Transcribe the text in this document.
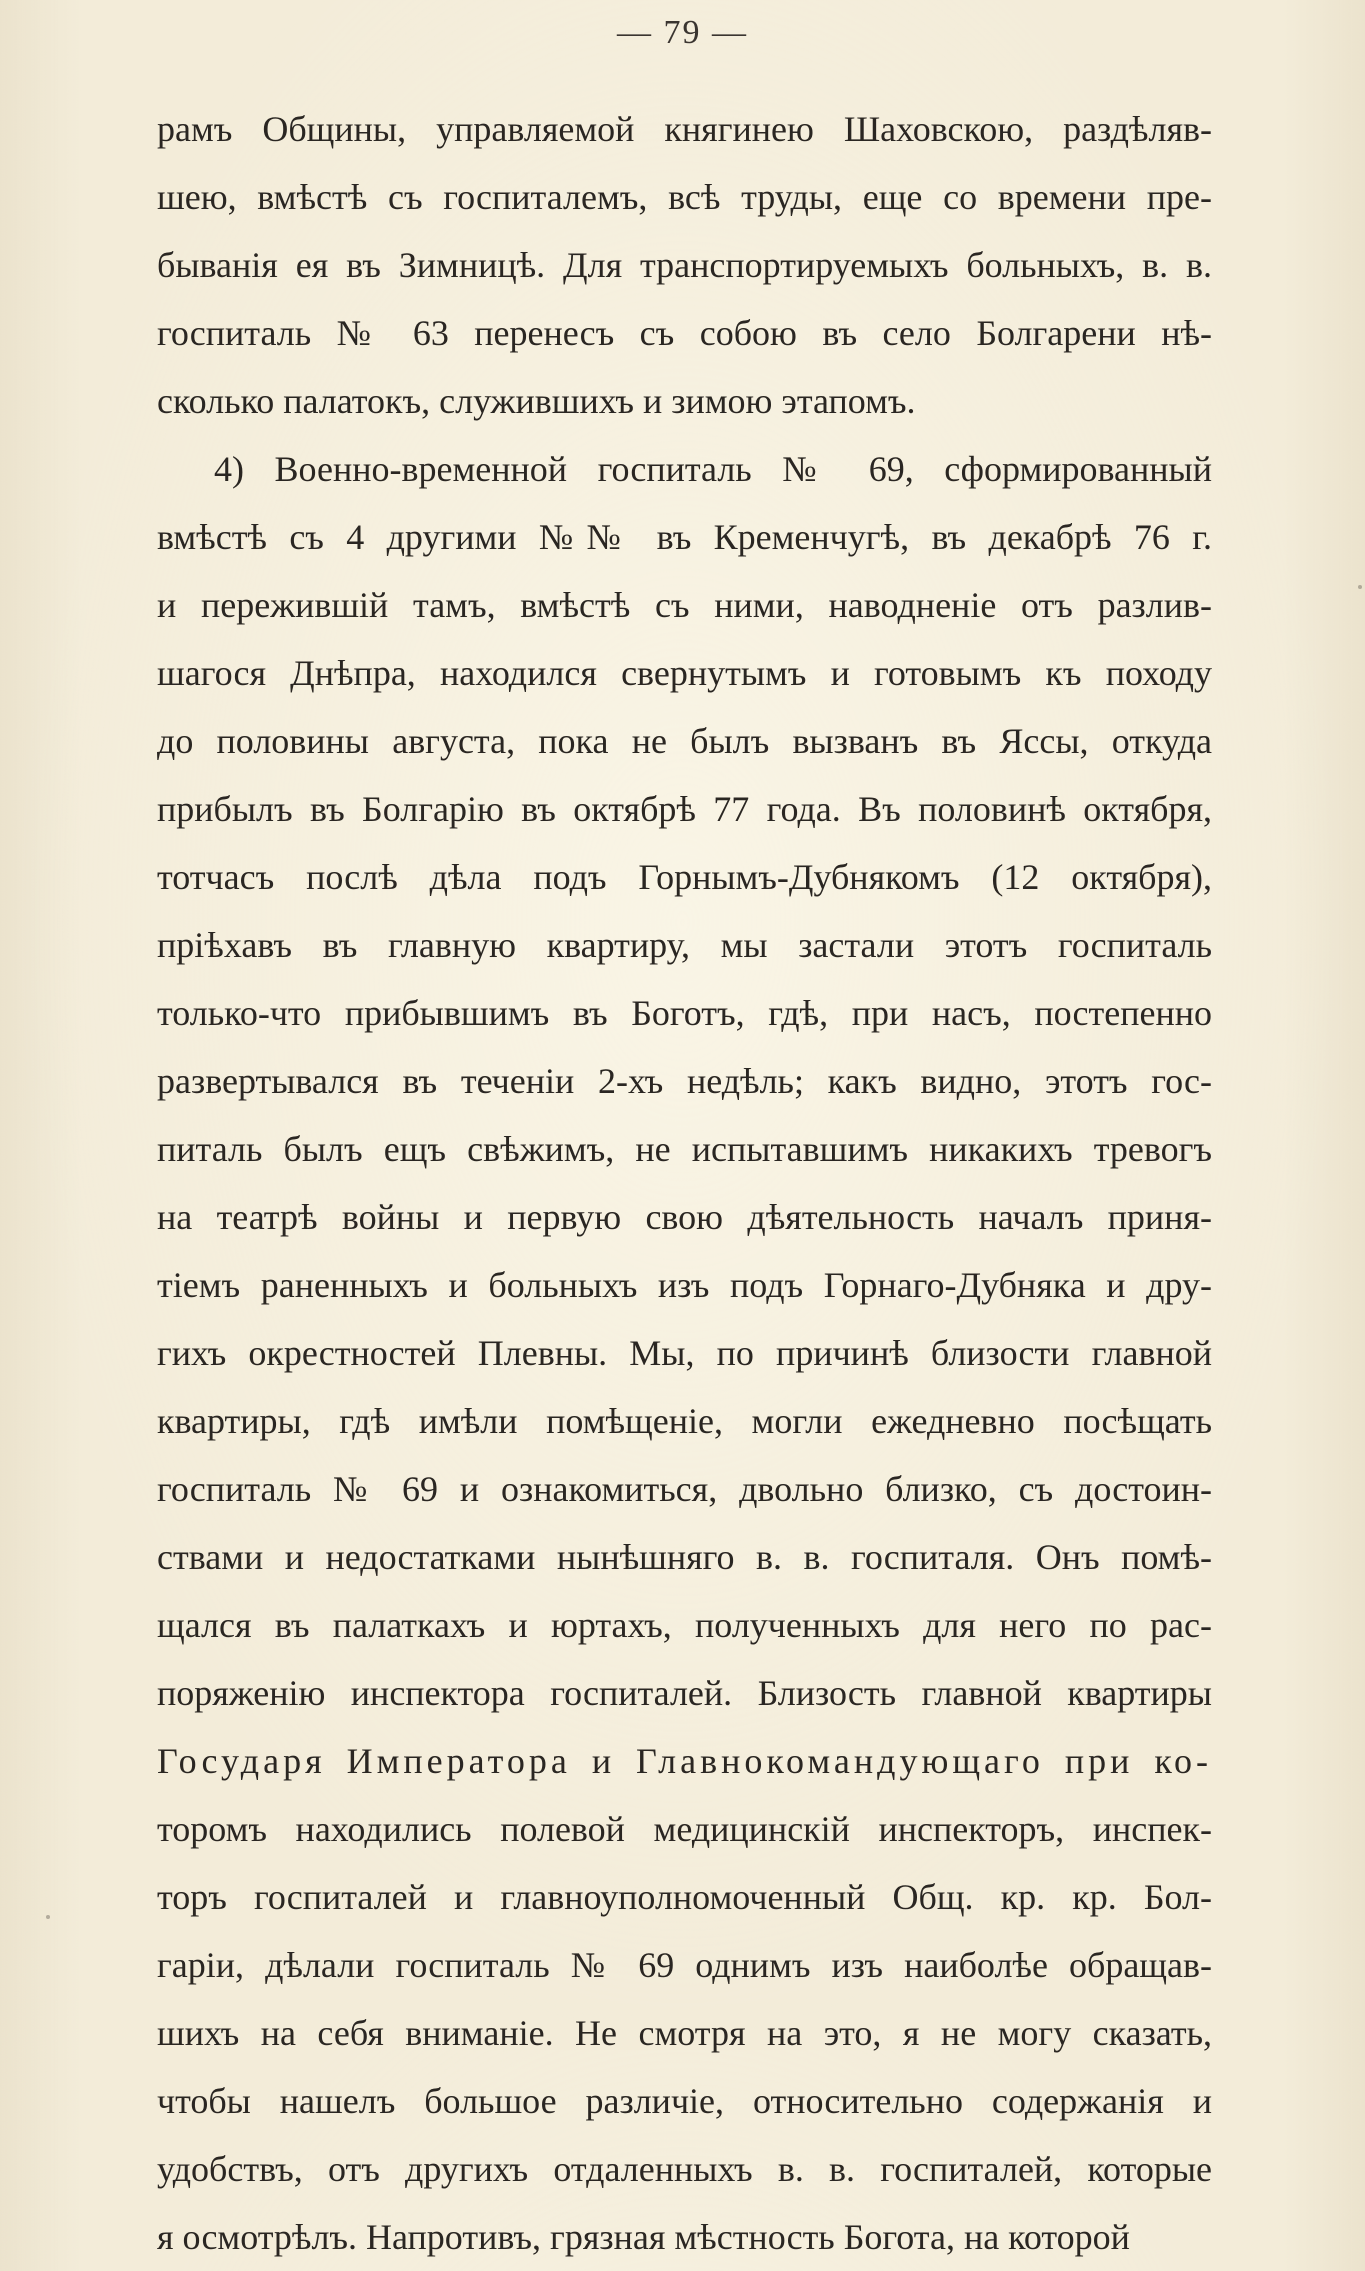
— 79 —
рамъ Общины, управляемой княгинею Шаховскою, раздѣляв-
шею, вмѣстѣ съ госпиталемъ, всѣ труды, еще со времени пре-
быванія ея въ Зимницѣ. Для транспортируемыхъ больныхъ, в. в.
госпиталь № 63 перенесъ съ собою въ село Болгарени нѣ-
сколько палатокъ, служившихъ и зимою этапомъ.
4) Военно-временной госпиталь № 69, сформированный
вмѣстѣ съ 4 другими №№ въ Кременчугѣ, въ декабрѣ 76 г.
и пережившій тамъ, вмѣстѣ съ ними, наводненіе отъ разлив-
шагося Днѣпра, находился свернутымъ и готовымъ къ походу
до половины августа, пока не былъ вызванъ въ Яссы, откуда
прибылъ въ Болгарію въ октябрѣ 77 года. Въ половинѣ октября,
тотчасъ послѣ дѣла подъ Горнымъ-Дубнякомъ (12 октября),
пріѣхавъ въ главную квартиру, мы застали этотъ госпиталь
только-что прибывшимъ въ Боготъ, гдѣ, при насъ, постепенно
развертывался въ теченіи 2-хъ недѣль; какъ видно, этотъ гос-
питаль былъ ещъ свѣжимъ, не испытавшимъ никакихъ тревогъ
на театрѣ войны и первую свою дѣятельность началъ приня-
тіемъ раненныхъ и больныхъ изъ подъ Горнаго-Дубняка и дру-
гихъ окрестностей Плевны. Мы, по причинѣ близости главной
квартиры, гдѣ имѣли помѣщеніе, могли ежедневно посѣщать
госпиталь № 69 и ознакомиться, двольно близко, съ достоин-
ствами и недостатками нынѣшняго в. в. госпиталя. Онъ помѣ-
щался въ палаткахъ и юртахъ, полученныхъ для него по рас-
поряженію инспектора госпиталей. Близость главной квартиры
Государя Императора и Главнокомандующаго при ко-
торомъ находились полевой медицинскій инспекторъ, инспек-
торъ госпиталей и главноуполномоченный Общ. кр. кр. Бол-
гаріи, дѣлали госпиталь № 69 однимъ изъ наиболѣе обращав-
шихъ на себя вниманіе. Не смотря на это, я не могу сказать,
чтобы нашелъ большое различіе, относительно содержанія и
удобствъ, отъ другихъ отдаленныхъ в. в. госпиталей, которые
я осмотрѣлъ. Напротивъ, грязная мѣстность Богота, на которой
